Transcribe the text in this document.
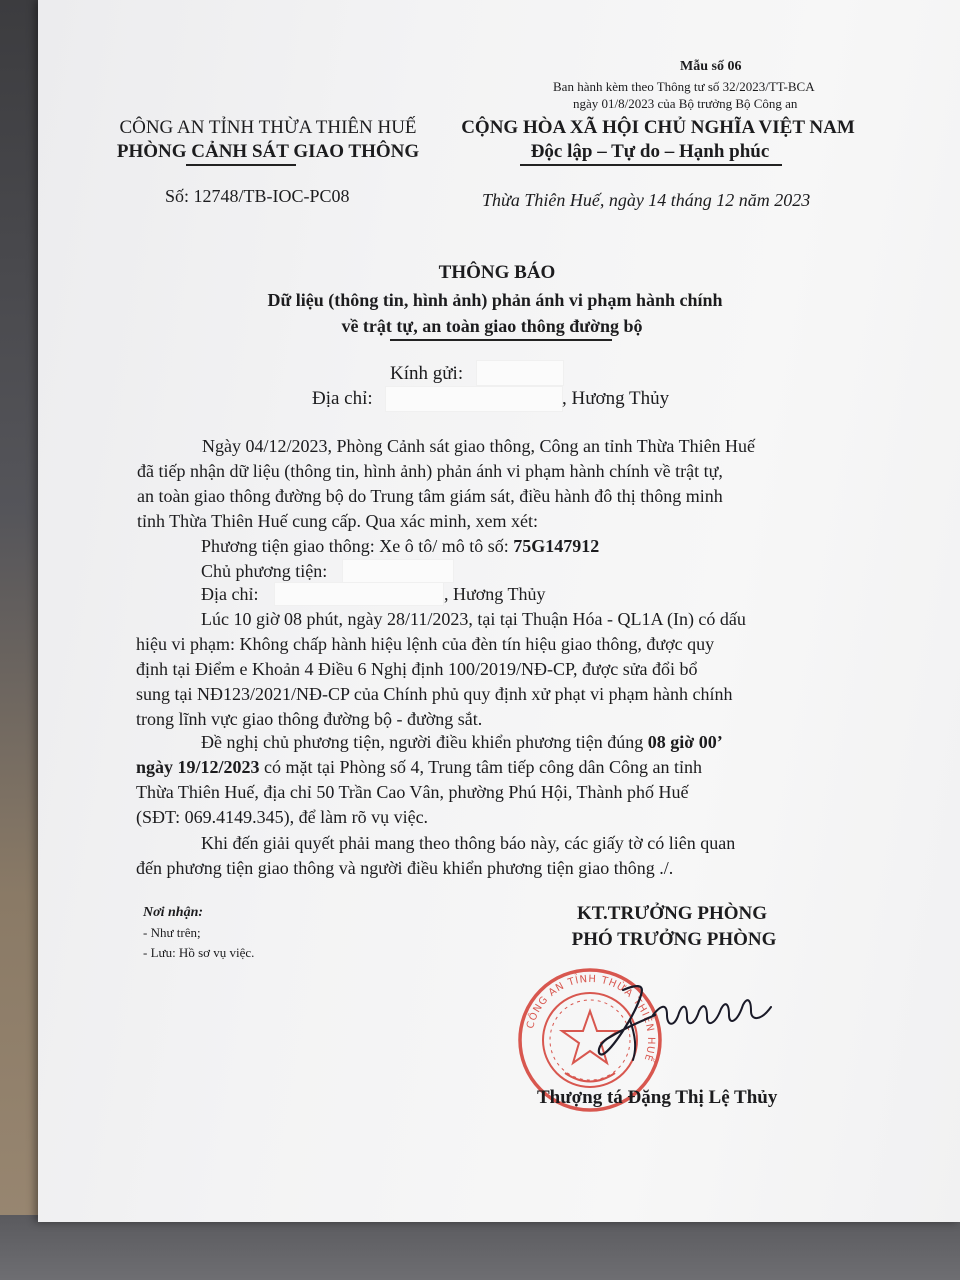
Mẫu số 06
Ban hành kèm theo Thông tư số 32/2023/TT-BCA
ngày 01/8/2023 của Bộ trưởng Bộ Công an
CÔNG AN TỈNH THỪA THIÊN HUẾ
PHÒNG CẢNH SÁT GIAO THÔNG
CỘNG HÒA XÃ HỘI CHỦ NGHĨA VIỆT NAM
Độc lập – Tự do – Hạnh phúc
Số: 12748/TB-IOC-PC08	Thừa Thiên Huế, ngày 14 tháng 12 năm 2023
THÔNG BÁO
Dữ liệu (thông tin, hình ảnh) phản ánh vi phạm hành chính
về trật tự, an toàn giao thông đường bộ
Kính gửi:
Địa chỉ:	, Hương Thủy
Ngày 04/12/2023, Phòng Cảnh sát giao thông, Công an tỉnh Thừa Thiên Huế
đã tiếp nhận dữ liệu (thông tin, hình ảnh) phản ánh vi phạm hành chính về trật tự,
an toàn giao thông đường bộ do Trung tâm giám sát, điều hành đô thị thông minh
tỉnh Thừa Thiên Huế cung cấp. Qua xác minh, xem xét:
Phương tiện giao thông: Xe ô tô/ mô tô số: 75G147912
Chủ phương tiện:
Địa chỉ:	, Hương Thủy
Lúc 10 giờ 08 phút, ngày 28/11/2023, tại tại Thuận Hóa - QL1A (In) có dấu
hiệu vi phạm: Không chấp hành hiệu lệnh của đèn tín hiệu giao thông, được quy
định tại Điểm e Khoản 4 Điều 6 Nghị định 100/2019/NĐ-CP, được sửa đổi bổ
sung tại NĐ123/2021/NĐ-CP của Chính phủ quy định xử phạt vi phạm hành chính
trong lĩnh vực giao thông đường bộ - đường sắt.
Đề nghị chủ phương tiện, người điều khiển phương tiện đúng 08 giờ 00’
ngày 19/12/2023 có mặt tại Phòng số 4, Trung tâm tiếp công dân Công an tỉnh
Thừa Thiên Huế, địa chỉ 50 Trần Cao Vân, phường Phú Hội, Thành phố Huế
(SĐT: 069.4149.345), để làm rõ vụ việc.
Khi đến giải quyết phải mang theo thông báo này, các giấy tờ có liên quan
đến phương tiện giao thông và người điều khiển phương tiện giao thông ./.
Nơi nhận:
- Như trên;
- Lưu: Hồ sơ vụ việc.
KT.TRƯỞNG PHÒNG
PHÓ TRƯỞNG PHÒNG
CÔNG AN TỈNH THỪA THIÊN HUẾ
Thượng tá Đặng Thị Lệ Thủy
